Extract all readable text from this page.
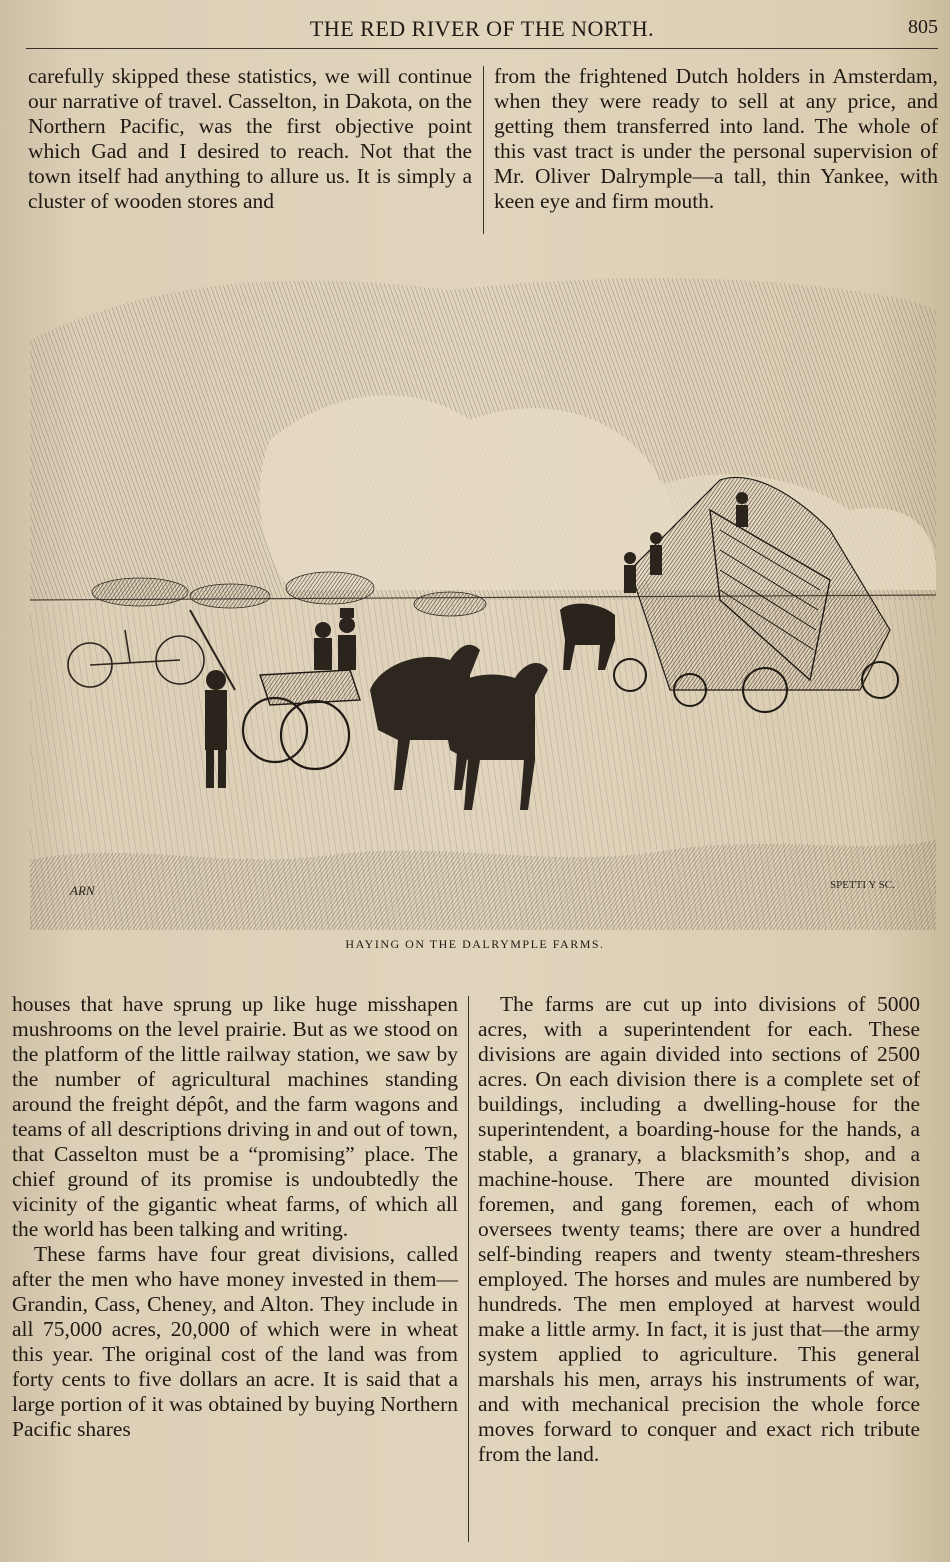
THE RED RIVER OF THE NORTH.	805

carefully skipped these statistics, we will continue our narrative of travel. Casselton, in Dakota, on the Northern Pacific, was the first objective point which Gad and I desired to reach. Not that the town itself had anything to allure us. It is simply a cluster of wooden stores and

from the frightened Dutch holders in Amsterdam, when they were ready to sell at any price, and getting them transferred into land. The whole of this vast tract is under the personal supervision of Mr. Oliver Dalrymple—a tall, thin Yankee, with keen eye and firm mouth.

ARN	SPETTI Y SC.
HAYING ON THE DALRYMPLE FARMS.

houses that have sprung up like huge misshapen mushrooms on the level prairie. But as we stood on the platform of the little railway station, we saw by the number of agricultural machines standing around the freight dépôt, and the farm wagons and teams of all descriptions driving in and out of town, that Casselton must be a “promising” place. The chief ground of its promise is undoubtedly the vicinity of the gigantic wheat farms, of which all the world has been talking and writing.

These farms have four great divisions, called after the men who have money invested in them—Grandin, Cass, Cheney, and Alton. They include in all 75,000 acres, 20,000 of which were in wheat this year. The original cost of the land was from forty cents to five dollars an acre. It is said that a large portion of it was obtained by buying Northern Pacific shares

The farms are cut up into divisions of 5000 acres, with a superintendent for each. These divisions are again divided into sections of 2500 acres. On each division there is a complete set of buildings, including a dwelling-house for the superintendent, a boarding-house for the hands, a stable, a granary, a blacksmith’s shop, and a machine-house. There are mounted division foremen, and gang foremen, each of whom oversees twenty teams; there are over a hundred self-binding reapers and twenty steam-threshers employed. The horses and mules are numbered by hundreds. The men employed at harvest would make a little army. In fact, it is just that—the army system applied to agriculture. This general marshals his men, arrays his instruments of war, and with mechanical precision the whole force moves forward to conquer and exact rich tribute from the land.
